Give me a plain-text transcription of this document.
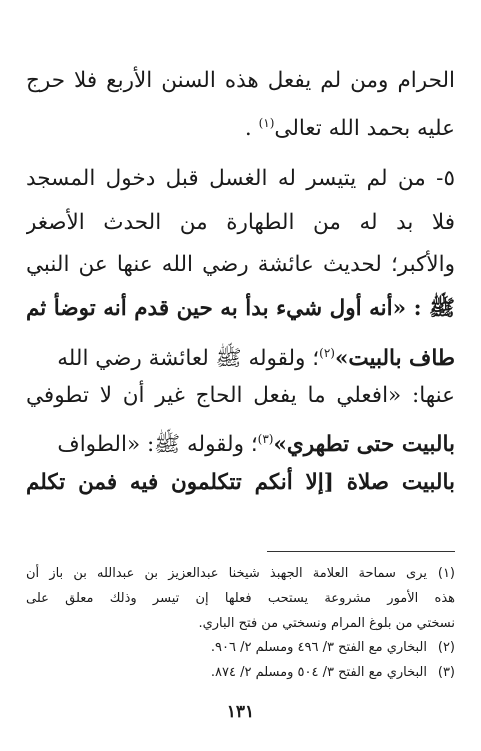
الحرام ومن لم يفعل هذه السنن الأربع فلا حرج
عليه بحمد الله تعالى$^{(١)}$ .
٥- من لم يتيسر له الغسل قبل دخول المسجد
فلا بد له من الطهارة من الحدث الأصغر
والأكبر؛ لحديث عائشة رضي الله عنها عن النبي
ﷺ : «أنه أول شيء بدأ به حين قدم أنه توضأ ثم
طاف بالبيت»$^{(٢)}$؛ ولقوله ﷺ لعائشة رضي الله
عنها: «افعلي ما يفعل الحاج غير أن لا تطوفي
بالبيت حتى تطهري»$^{(٣)}$؛ ولقوله ﷺ: «الطواف
بالبيت صلاة [إلا أنكم تتكلمون فيه فمن تكلم
(١)يرى سماحة العلامة الجهبذ شيخنا عبدالعزيز بن عبدالله بن باز أن
هذه الأمور مشروعة يستحب فعلها إن تيسر وذلك معلق على
نسختي من بلوغ المرام ونسختي من فتح الباري.
(٢)البخاري مع الفتح ٣/ ٤٩٦ ومسلم ٢/ ٩٠٦.
(٣)البخاري مع الفتح ٣/ ٥٠٤ ومسلم ٢/ ٨٧٤.
١٣١
